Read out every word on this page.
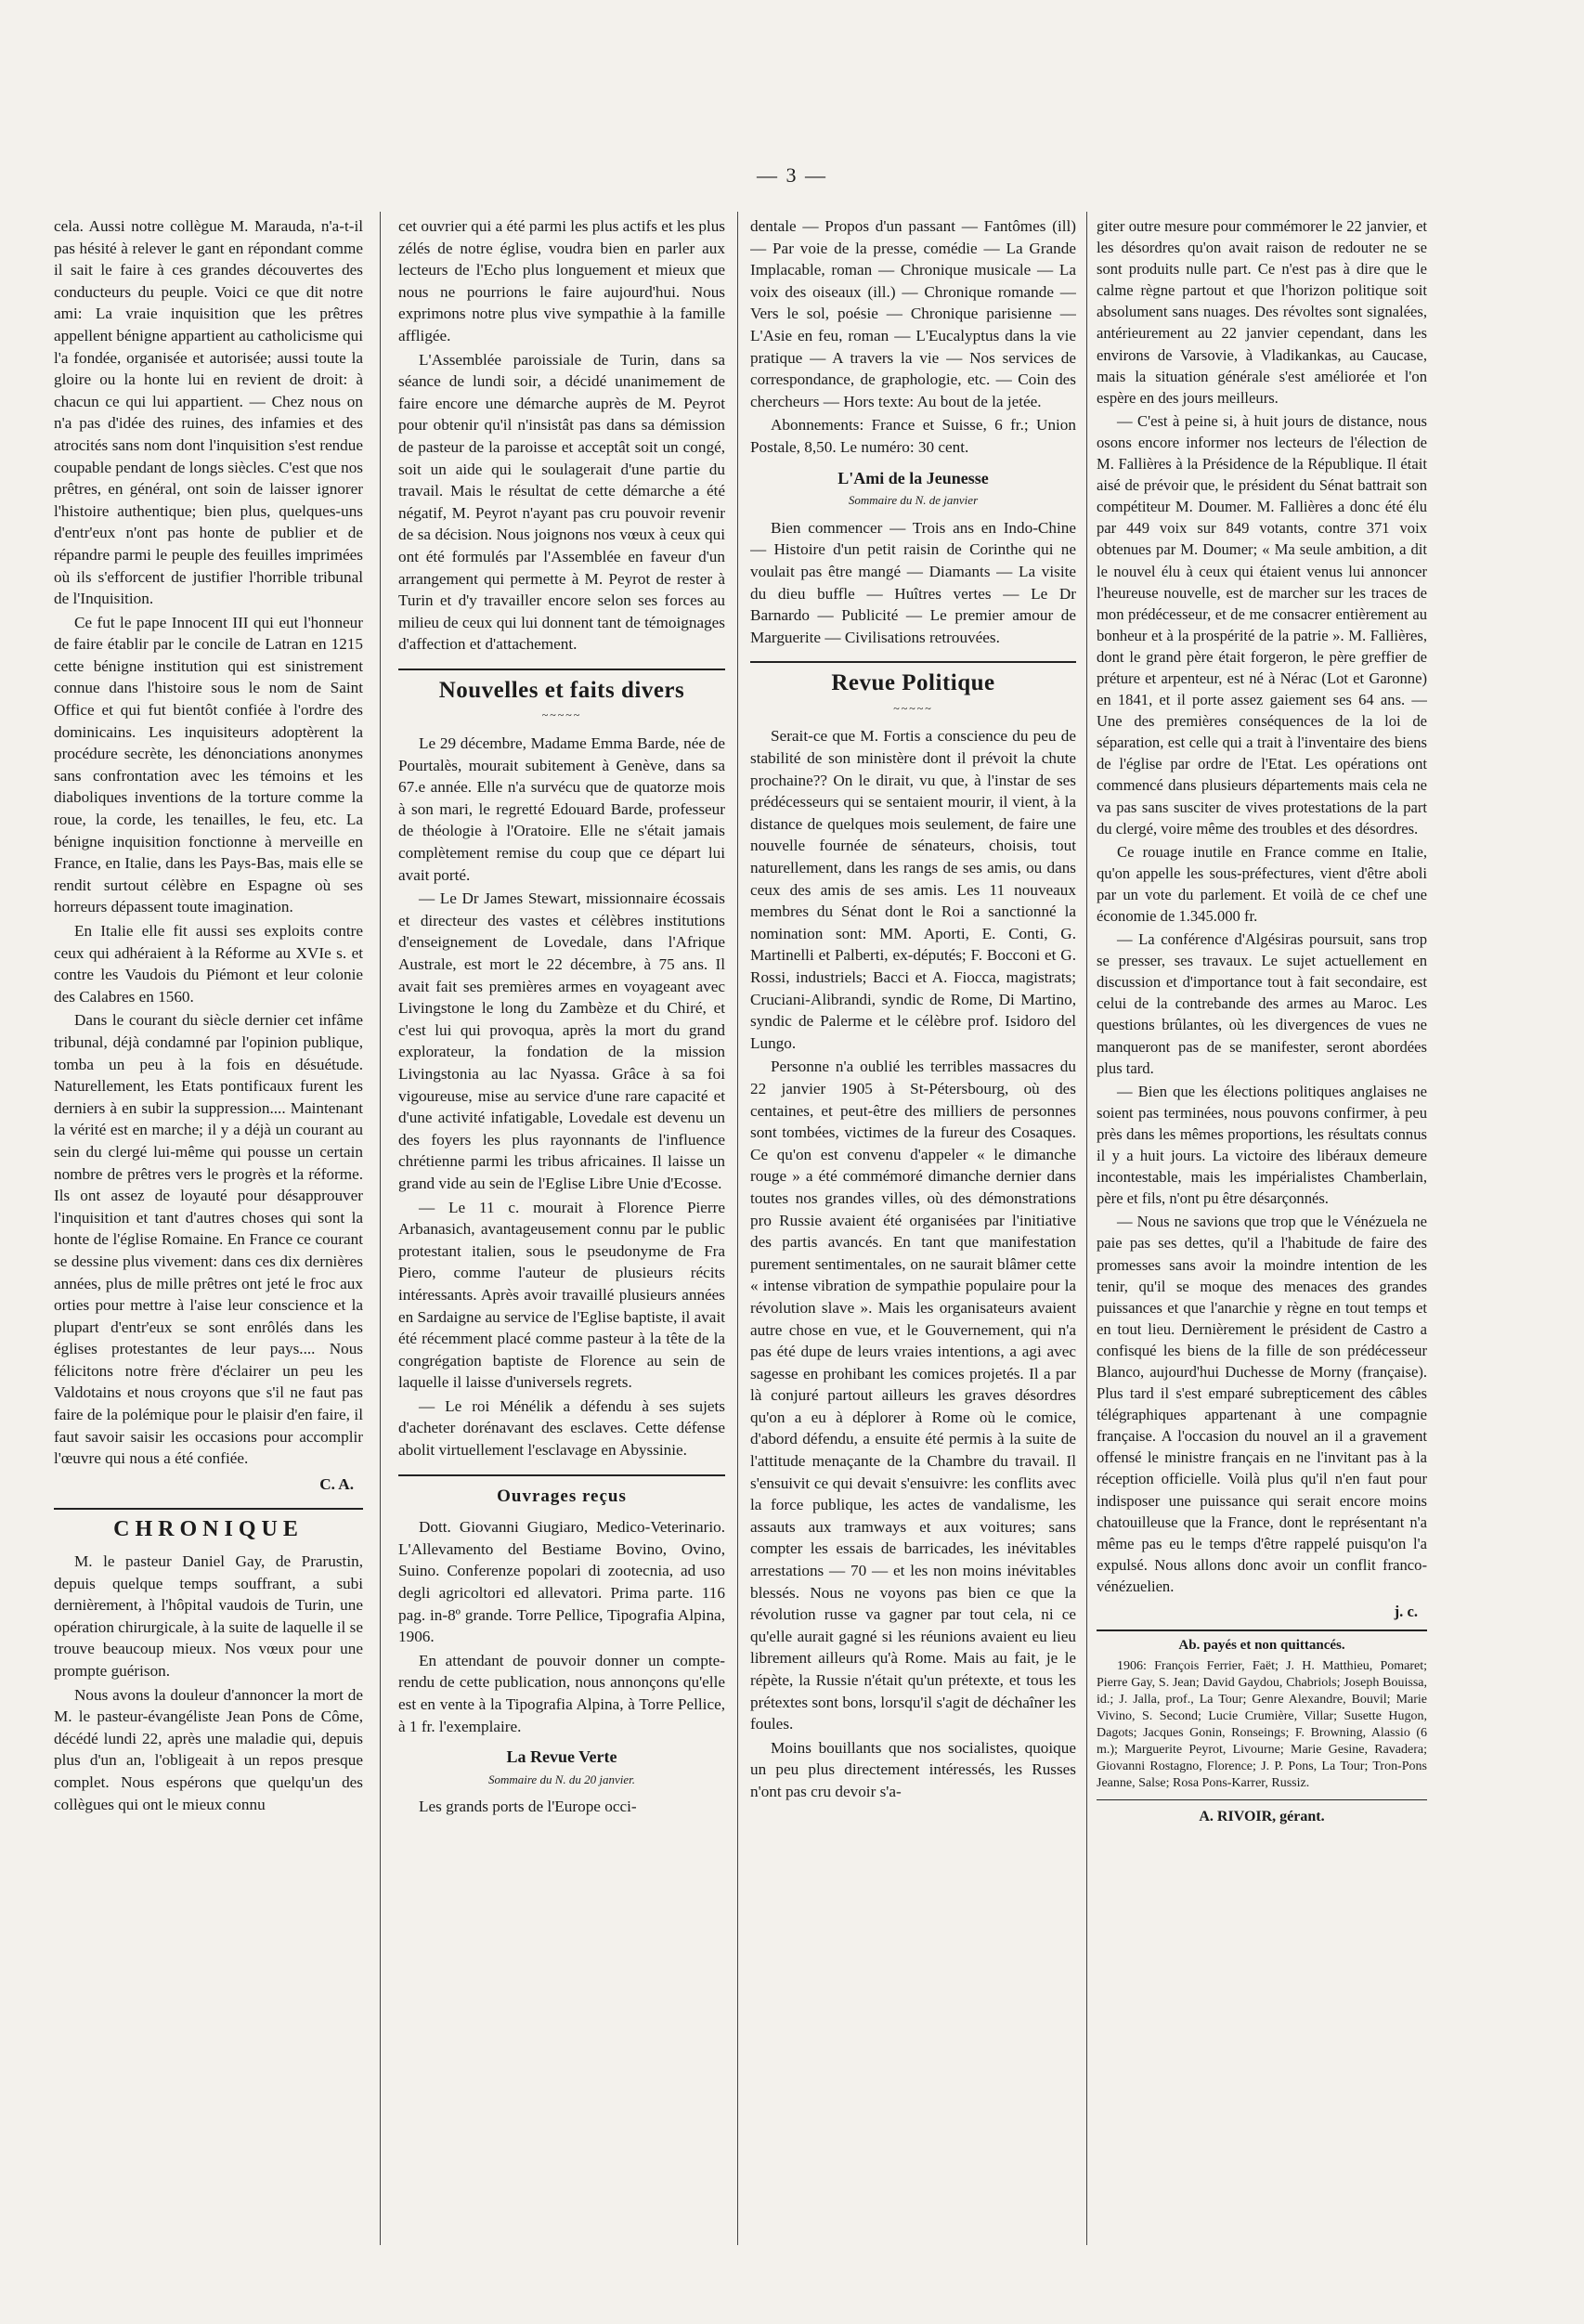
— 3 —

cela. Aussi notre collègue M. Marauda, n'a-t-il pas hésité à relever le gant en répondant comme il sait le faire à ces grandes découvertes des conducteurs du peuple. Voici ce que dit notre ami: La vraie inquisition que les prêtres appellent bénigne appartient au catholicisme qui l'a fondée, organisée et autorisée; aussi toute la gloire ou la honte lui en revient de droit: à chacun ce qui lui appartient. — Chez nous on n'a pas d'idée des ruines, des infamies et des atrocités sans nom dont l'inquisition s'est rendue coupable pendant de longs siècles. C'est que nos prêtres, en général, ont soin de laisser ignorer l'histoire authentique; bien plus, quelques-uns d'entr'eux n'ont pas honte de publier et de répandre parmi le peuple des feuilles imprimées où ils s'efforcent de justifier l'horrible tribunal de l'Inquisition.

Ce fut le pape Innocent III qui eut l'honneur de faire établir par le concile de Latran en 1215 cette bénigne institution qui est sinistrement connue dans l'histoire sous le nom de Saint Office et qui fut bientôt confiée à l'ordre des dominicains. Les inquisiteurs adoptèrent la procédure secrète, les dénonciations anonymes sans confrontation avec les témoins et les diaboliques inventions de la torture comme la roue, la corde, les tenailles, le feu, etc. La bénigne inquisition fonctionne à merveille en France, en Italie, dans les Pays-Bas, mais elle se rendit surtout célèbre en Espagne où ses horreurs dépassent toute imagination.

En Italie elle fit aussi ses exploits contre ceux qui adhéraient à la Réforme au XVIe s. et contre les Vaudois du Piémont et leur colonie des Calabres en 1560.

Dans le courant du siècle dernier cet infâme tribunal, déjà condamné par l'opinion publique, tomba un peu à la fois en désuétude. Naturellement, les Etats pontificaux furent les derniers à en subir la suppression.... Maintenant la vérité est en marche; il y a déjà un courant au sein du clergé lui-même qui pousse un certain nombre de prêtres vers le progrès et la réforme. Ils ont assez de loyauté pour désapprouver l'inquisition et tant d'autres choses qui sont la honte de l'église Romaine. En France ce courant se dessine plus vivement: dans ces dix dernières années, plus de mille prêtres ont jeté le froc aux orties pour mettre à l'aise leur conscience et la plupart d'entr'eux se sont enrôlés dans les églises protestantes de leur pays.... Nous félicitons notre frère d'éclairer un peu les Valdotains et nous croyons que s'il ne faut pas faire de la polémique pour le plaisir d'en faire, il faut savoir saisir les occasions pour accomplir l'œuvre qui nous a été confiée.

C. A.
CHRONIQUE

M. le pasteur Daniel Gay, de Prarustin, depuis quelque temps souffrant, a subi dernièrement, à l'hôpital vaudois de Turin, une opération chirurgicale, à la suite de laquelle il se trouve beaucoup mieux. Nos vœux pour une prompte guérison.

Nous avons la douleur d'annoncer la mort de M. le pasteur-évangéliste Jean Pons de Côme, décédé lundi 22, après une maladie qui, depuis plus d'un an, l'obligeait à un repos presque complet. Nous espérons que quelqu'un des collègues qui ont le mieux connu

cet ouvrier qui a été parmi les plus actifs et les plus zélés de notre église, voudra bien en parler aux lecteurs de l'Echo plus longuement et mieux que nous ne pourrions le faire aujourd'hui. Nous exprimons notre plus vive sympathie à la famille affligée.

L'Assemblée paroissiale de Turin, dans sa séance de lundi soir, a décidé unanimement de faire encore une démarche auprès de M. Peyrot pour obtenir qu'il n'insistât pas dans sa démission de pasteur de la paroisse et acceptât soit un congé, soit un aide qui le soulagerait d'une partie du travail. Mais le résultat de cette démarche a été négatif, M. Peyrot n'ayant pas cru pouvoir revenir de sa décision. Nous joignons nos vœux à ceux qui ont été formulés par l'Assemblée en faveur d'un arrangement qui permette à M. Peyrot de rester à Turin et d'y travailler encore selon ses forces au milieu de ceux qui lui donnent tant de témoignages d'affection et d'attachement.

Nouvelles et faits divers
~~~~~

Le 29 décembre, Madame Emma Barde, née de Pourtalès, mourait subitement à Genève, dans sa 67.e année. Elle n'a survécu que de quatorze mois à son mari, le regretté Edouard Barde, professeur de théologie à l'Oratoire. Elle ne s'était jamais complètement remise du coup que ce départ lui avait porté.

— Le Dr James Stewart, missionnaire écossais et directeur des vastes et célèbres institutions d'enseignement de Lovedale, dans l'Afrique Australe, est mort le 22 décembre, à 75 ans. Il avait fait ses premières armes en voyageant avec Livingstone le long du Zambèze et du Chiré, et c'est lui qui provoqua, après la mort du grand explorateur, la fondation de la mission Livingstonia au lac Nyassa. Grâce à sa foi vigoureuse, mise au service d'une rare capacité et d'une activité infatigable, Lovedale est devenu un des foyers les plus rayonnants de l'influence chrétienne parmi les tribus africaines. Il laisse un grand vide au sein de l'Eglise Libre Unie d'Ecosse.

— Le 11 c. mourait à Florence Pierre Arbanasich, avantageusement connu par le public protestant italien, sous le pseudonyme de Fra Piero, comme l'auteur de plusieurs récits intéressants. Après avoir travaillé plusieurs années en Sardaigne au service de l'Eglise baptiste, il avait été récemment placé comme pasteur à la tête de la congrégation baptiste de Florence au sein de laquelle il laisse d'universels regrets.

— Le roi Ménélik a défendu à ses sujets d'acheter dorénavant des esclaves. Cette défense abolit virtuellement l'esclavage en Abyssinie.

Ouvrages reçus

Dott. Giovanni Giugiaro, Medico-Veterinario. L'Allevamento del Bestiame Bovino, Ovino, Suino. Conferenze popolari di zootecnia, ad uso degli agricoltori ed allevatori. Prima parte. 116 pag. in-8º grande. Torre Pellice, Tipografia Alpina, 1906.

En attendant de pouvoir donner un compte-rendu de cette publication, nous annonçons qu'elle est en vente à la Tipografia Alpina, à Torre Pellice, à 1 fr. l'exemplaire.

La Revue Verte
Sommaire du N. du 20 janvier.

Les grands ports de l'Europe occi-

dentale — Propos d'un passant — Fantômes (ill) — Par voie de la presse, comédie — La Grande Implacable, roman — Chronique musicale — La voix des oiseaux (ill.) — Chronique romande — Vers le sol, poésie — Chronique parisienne — L'Asie en feu, roman — L'Eucalyptus dans la vie pratique — A travers la vie — Nos services de correspondance, de graphologie, etc. — Coin des chercheurs — Hors texte: Au bout de la jetée.

Abonnements: France et Suisse, 6 fr.; Union Postale, 8,50. Le numéro: 30 cent.

L'Ami de la Jeunesse
Sommaire du N. de janvier

Bien commencer — Trois ans en Indo-Chine — Histoire d'un petit raisin de Corinthe qui ne voulait pas être mangé — Diamants — La visite du dieu buffle — Huîtres vertes — Le Dr Barnardo — Publicité — Le premier amour de Marguerite — Civilisations retrouvées.

Revue Politique
~~~~~

Serait-ce que M. Fortis a conscience du peu de stabilité de son ministère dont il prévoit la chute prochaine?? On le dirait, vu que, à l'instar de ses prédécesseurs qui se sentaient mourir, il vient, à la distance de quelques mois seulement, de faire une nouvelle fournée de sénateurs, choisis, tout naturellement, dans les rangs de ses amis, ou dans ceux des amis de ses amis. Les 11 nouveaux membres du Sénat dont le Roi a sanctionné la nomination sont: MM. Aporti, E. Conti, G. Martinelli et Palberti, ex-députés; F. Bocconi et G. Rossi, industriels; Bacci et A. Fiocca, magistrats; Cruciani-Alibrandi, syndic de Rome, Di Martino, syndic de Palerme et le célèbre prof. Isidoro del Lungo.

Personne n'a oublié les terribles massacres du 22 janvier 1905 à St-Pétersbourg, où des centaines, et peut-être des milliers de personnes sont tombées, victimes de la fureur des Cosaques. Ce qu'on est convenu d'appeler « le dimanche rouge » a été commémoré dimanche dernier dans toutes nos grandes villes, où des démonstrations pro Russie avaient été organisées par l'initiative des partis avancés. En tant que manifestation purement sentimentales, on ne saurait blâmer cette « intense vibration de sympathie populaire pour la révolution slave ». Mais les organisateurs avaient autre chose en vue, et le Gouvernement, qui n'a pas été dupe de leurs vraies intentions, a agi avec sagesse en prohibant les comices projetés. Il a par là conjuré partout ailleurs les graves désordres qu'on a eu à déplorer à Rome où le comice, d'abord défendu, a ensuite été permis à la suite de l'attitude menaçante de la Chambre du travail. Il s'ensuivit ce qui devait s'ensuivre: les conflits avec la force publique, les actes de vandalisme, les assauts aux tramways et aux voitures; sans compter les essais de barricades, les inévitables arrestations — 70 — et les non moins inévitables blessés. Nous ne voyons pas bien ce que la révolution russe va gagner par tout cela, ni ce qu'elle aurait gagné si les réunions avaient eu lieu librement ailleurs qu'à Rome. Mais au fait, je le répète, la Russie n'était qu'un prétexte, et tous les prétextes sont bons, lorsqu'il s'agit de déchaîner les foules.

Moins bouillants que nos socialistes, quoique un peu plus directement intéressés, les Russes n'ont pas cru devoir s'a-

giter outre mesure pour commémorer le 22 janvier, et les désordres qu'on avait raison de redouter ne se sont produits nulle part. Ce n'est pas à dire que le calme règne partout et que l'horizon politique soit absolument sans nuages. Des révoltes sont signalées, antérieurement au 22 janvier cependant, dans les environs de Varsovie, à Vladikankas, au Caucase, mais la situation générale s'est améliorée et l'on espère en des jours meilleurs.

— C'est à peine si, à huit jours de distance, nous osons encore informer nos lecteurs de l'élection de M. Fallières à la Présidence de la République. Il était aisé de prévoir que, le président du Sénat battrait son compétiteur M. Doumer. M. Fallières a donc été élu par 449 voix sur 849 votants, contre 371 voix obtenues par M. Doumer; « Ma seule ambition, a dit le nouvel élu à ceux qui étaient venus lui annoncer l'heureuse nouvelle, est de marcher sur les traces de mon prédécesseur, et de me consacrer entièrement au bonheur et à la prospérité de la patrie ». M. Fallières, dont le grand père était forgeron, le père greffier de préture et arpenteur, est né à Nérac (Lot et Garonne) en 1841, et il porte assez gaiement ses 64 ans. — Une des premières conséquences de la loi de séparation, est celle qui a trait à l'inventaire des biens de l'église par ordre de l'Etat. Les opérations ont commencé dans plusieurs départements mais cela ne va pas sans susciter de vives protestations de la part du clergé, voire même des troubles et des désordres.

Ce rouage inutile en France comme en Italie, qu'on appelle les sous-préfectures, vient d'être aboli par un vote du parlement. Et voilà de ce chef une économie de 1.345.000 fr.

— La conférence d'Algésiras poursuit, sans trop se presser, ses travaux. Le sujet actuellement en discussion et d'importance tout à fait secondaire, est celui de la contrebande des armes au Maroc. Les questions brûlantes, où les divergences de vues ne manqueront pas de se manifester, seront abordées plus tard.

— Bien que les élections politiques anglaises ne soient pas terminées, nous pouvons confirmer, à peu près dans les mêmes proportions, les résultats connus il y a huit jours. La victoire des libéraux demeure incontestable, mais les impérialistes Chamberlain, père et fils, n'ont pu être désarçonnés.

— Nous ne savions que trop que le Vénézuela ne paie pas ses dettes, qu'il a l'habitude de faire des promesses sans avoir la moindre intention de les tenir, qu'il se moque des menaces des grandes puissances et que l'anarchie y règne en tout temps et en tout lieu. Dernièrement le président de Castro a confisqué les biens de la fille de son prédécesseur Blanco, aujourd'hui Duchesse de Morny (française). Plus tard il s'est emparé subrepticement des câbles télégraphiques appartenant à une compagnie française. A l'occasion du nouvel an il a gravement offensé le ministre français en ne l'invitant pas à la réception officielle. Voilà plus qu'il n'en faut pour indisposer une puissance qui serait encore moins chatouilleuse que la France, dont le représentant n'a même pas eu le temps d'être rappelé puisqu'on l'a expulsé. Nous allons donc avoir un conflit franco-vénézuelien.

j. c.
Ab. payés et non quittancés.

1906: François Ferrier, Faët; J. H. Matthieu, Pomaret; Pierre Gay, S. Jean; David Gaydou, Chabriols; Joseph Bouissa, id.; J. Jalla, prof., La Tour; Genre Alexandre, Bouvil; Marie Vivino, S. Second; Lucie Crumière, Villar; Susette Hugon, Dagots; Jacques Gonin, Ronseings; F. Browning, Alassio (6 m.); Marguerite Peyrot, Livourne; Marie Gesine, Ravadera; Giovanni Rostagno, Florence; J. P. Pons, La Tour; Tron-Pons Jeanne, Salse; Rosa Pons-Karrer, Russiz.

A. RIVOIR, gérant.
